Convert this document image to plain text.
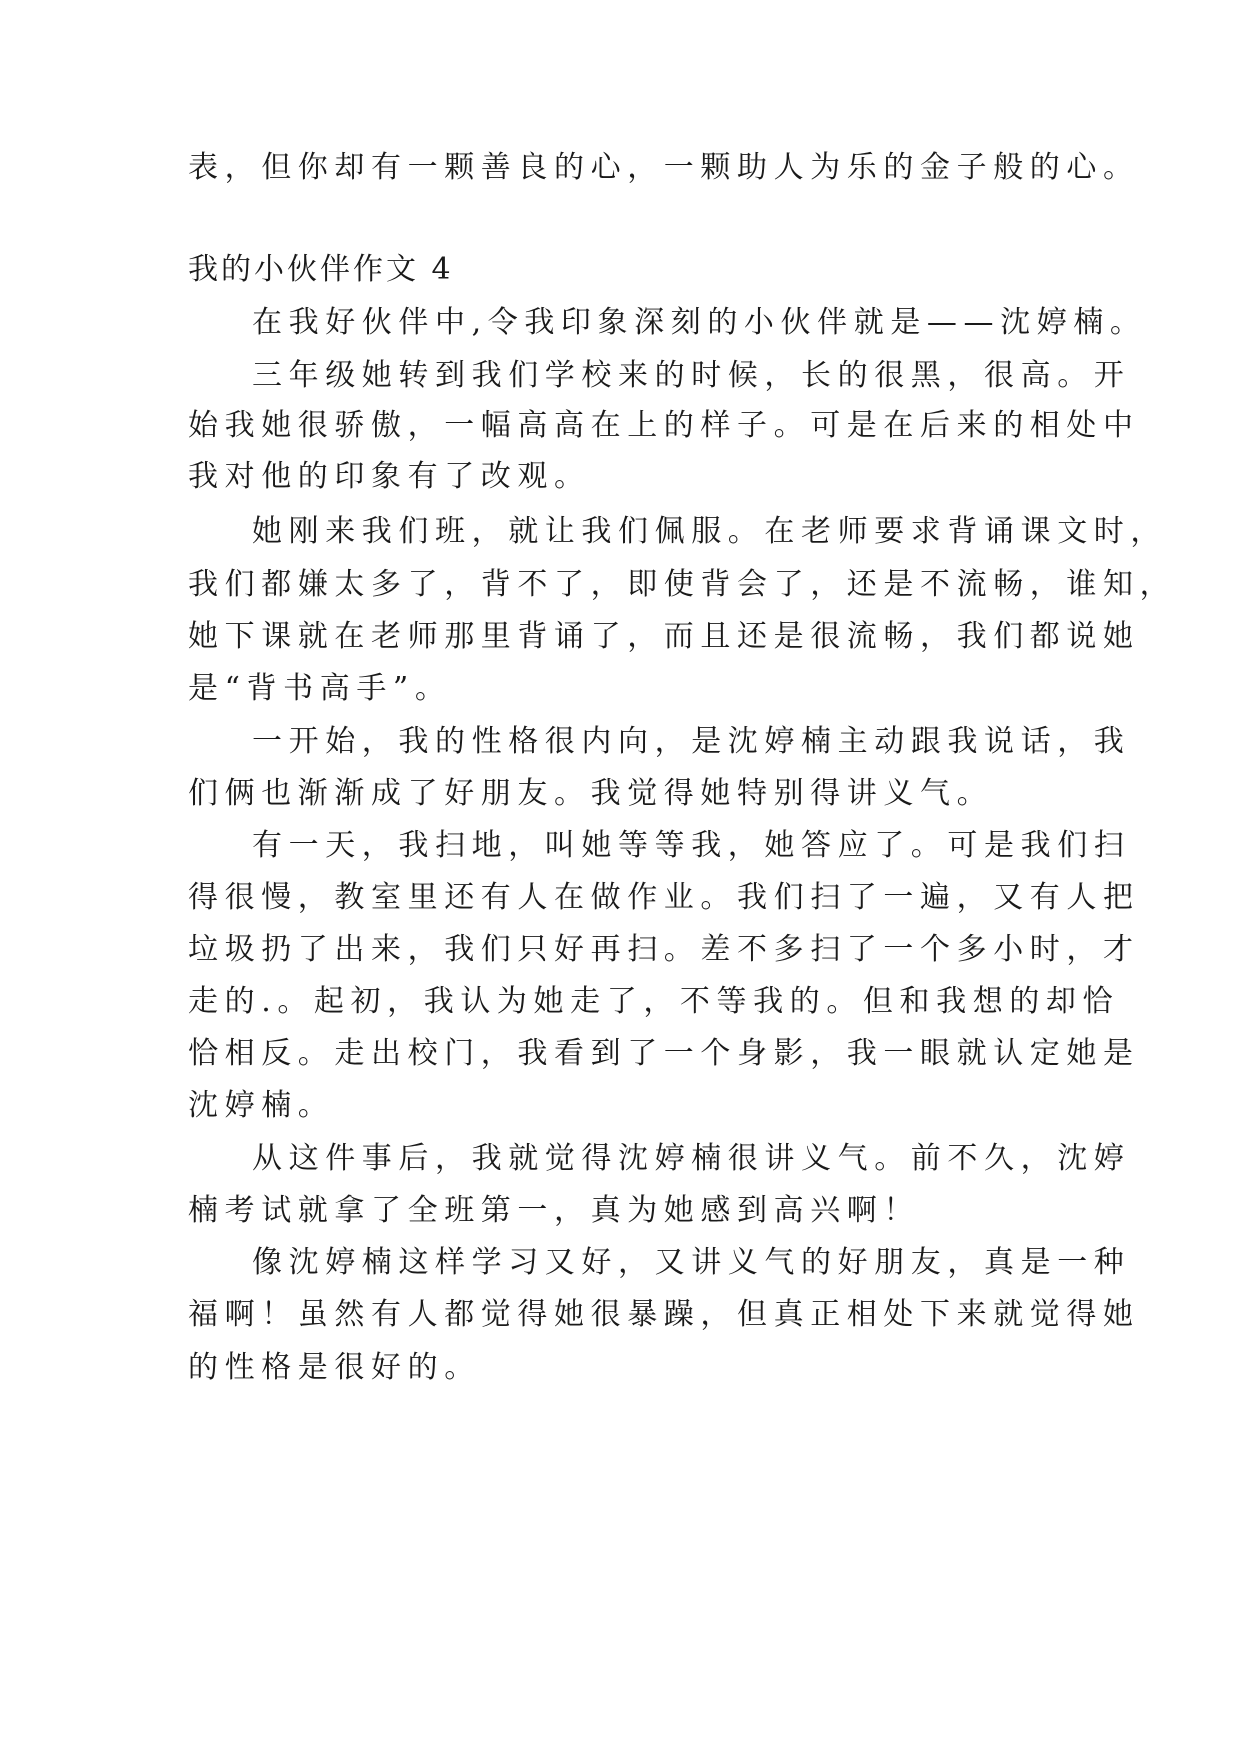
表，但你却有一颗善良的心，一颗助人为乐的金子般的心。
我的小伙伴作文 4
在我好伙伴中,令我印象深刻的小伙伴就是——沈婷楠。
三年级她转到我们学校来的时候，长的很黑，很高。开
始我她很骄傲，一幅高高在上的样子。可是在后来的相处中
我对他的印象有了改观。
她刚来我们班，就让我们佩服。在老师要求背诵课文时，
我们都嫌太多了，背不了，即使背会了，还是不流畅，谁知，
她下课就在老师那里背诵了，而且还是很流畅，我们都说她
是“背书高手”。
一开始，我的性格很内向，是沈婷楠主动跟我说话，我
们俩也渐渐成了好朋友。我觉得她特别得讲义气。
有一天，我扫地，叫她等等我，她答应了。可是我们扫
得很慢，教室里还有人在做作业。我们扫了一遍，又有人把
垃圾扔了出来，我们只好再扫。差不多扫了一个多小时，才
走的.。起初，我认为她走了，不等我的。但和我想的却恰
恰相反。走出校门，我看到了一个身影，我一眼就认定她是
沈婷楠。
从这件事后，我就觉得沈婷楠很讲义气。前不久，沈婷
楠考试就拿了全班第一，真为她感到高兴啊！
像沈婷楠这样学习又好，又讲义气的好朋友，真是一种
福啊！虽然有人都觉得她很暴躁，但真正相处下来就觉得她
的性格是很好的。
